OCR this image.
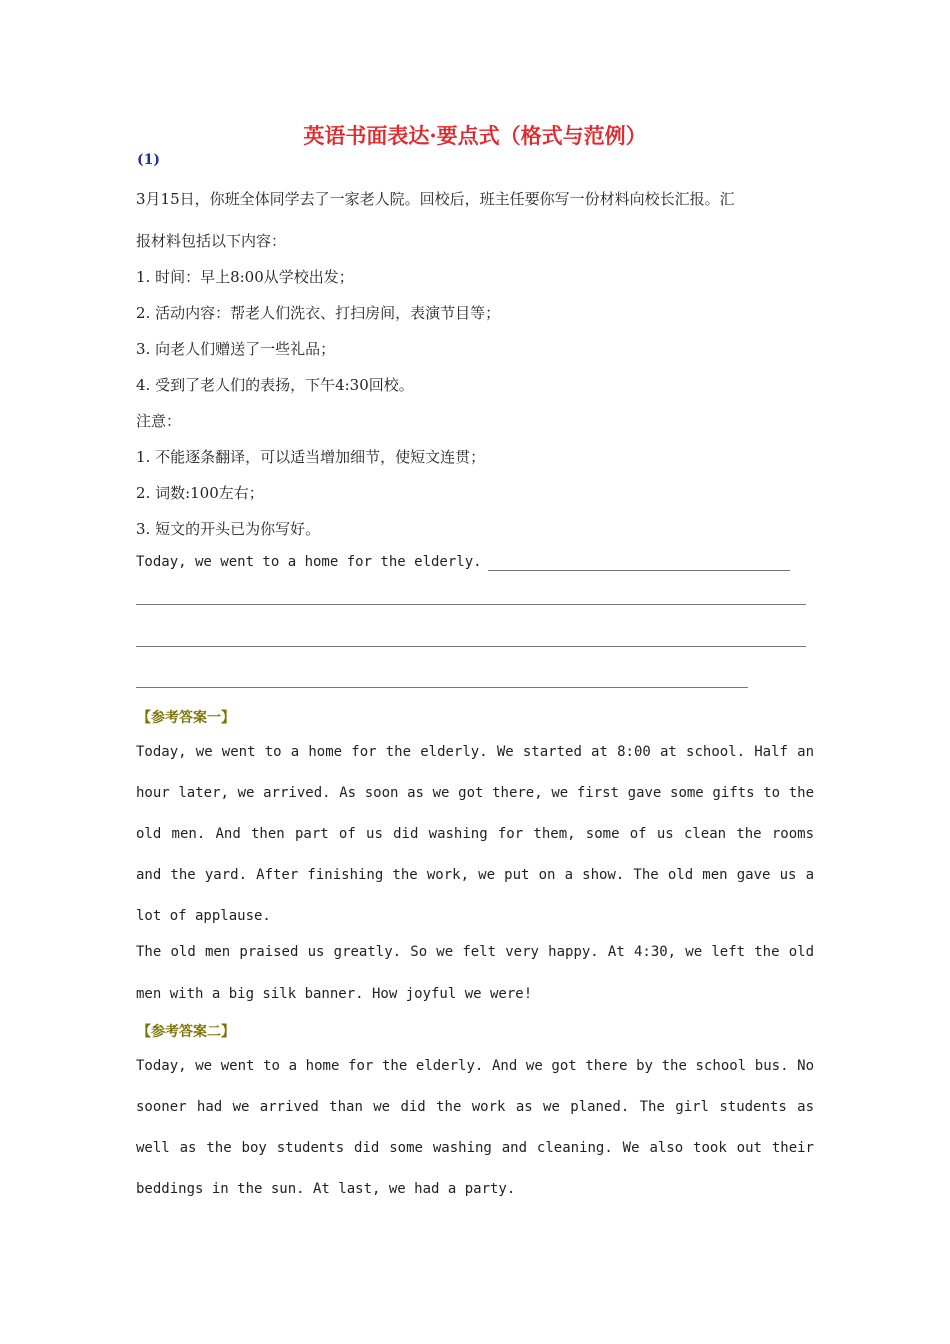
英语书面表达·要点式（格式与范例）
(1)
3月15日，你班全体同学去了一家老人院。回校后，班主任要你写一份材料向校长汇报。汇
报材料包括以下内容：
1. 时间：早上8:00从学校出发；
2. 活动内容：帮老人们洗衣、打扫房间，表演节目等；
3. 向老人们赠送了一些礼品；
4. 受到了老人们的表扬，下午4:30回校。
注意：
1. 不能逐条翻译，可以适当增加细节，使短文连贯；
2. 词数:100左右；
3. 短文的开头已为你写好。
Today, we went to a home for the elderly.
【参考答案一】
Today, we went to a home for the elderly. We started at 8:00 at school. Half an
hour later, we arrived. As soon as we got there, we first gave some gifts to the
old men. And then part of us did washing for them, some of us clean the rooms
and the yard. After finishing the work, we put on a show. The old men gave us a
lot of applause.
The old men praised us greatly. So we felt very happy. At 4:30, we left the old
men with a big silk banner. How joyful we were!
【参考答案二】
Today, we went to a home for the elderly. And we got there by the school bus. No
sooner had we arrived than we did the work as we planed. The girl students as
well as the boy students did some washing and cleaning. We also took out their
beddings in the sun. At last, we had a party.
